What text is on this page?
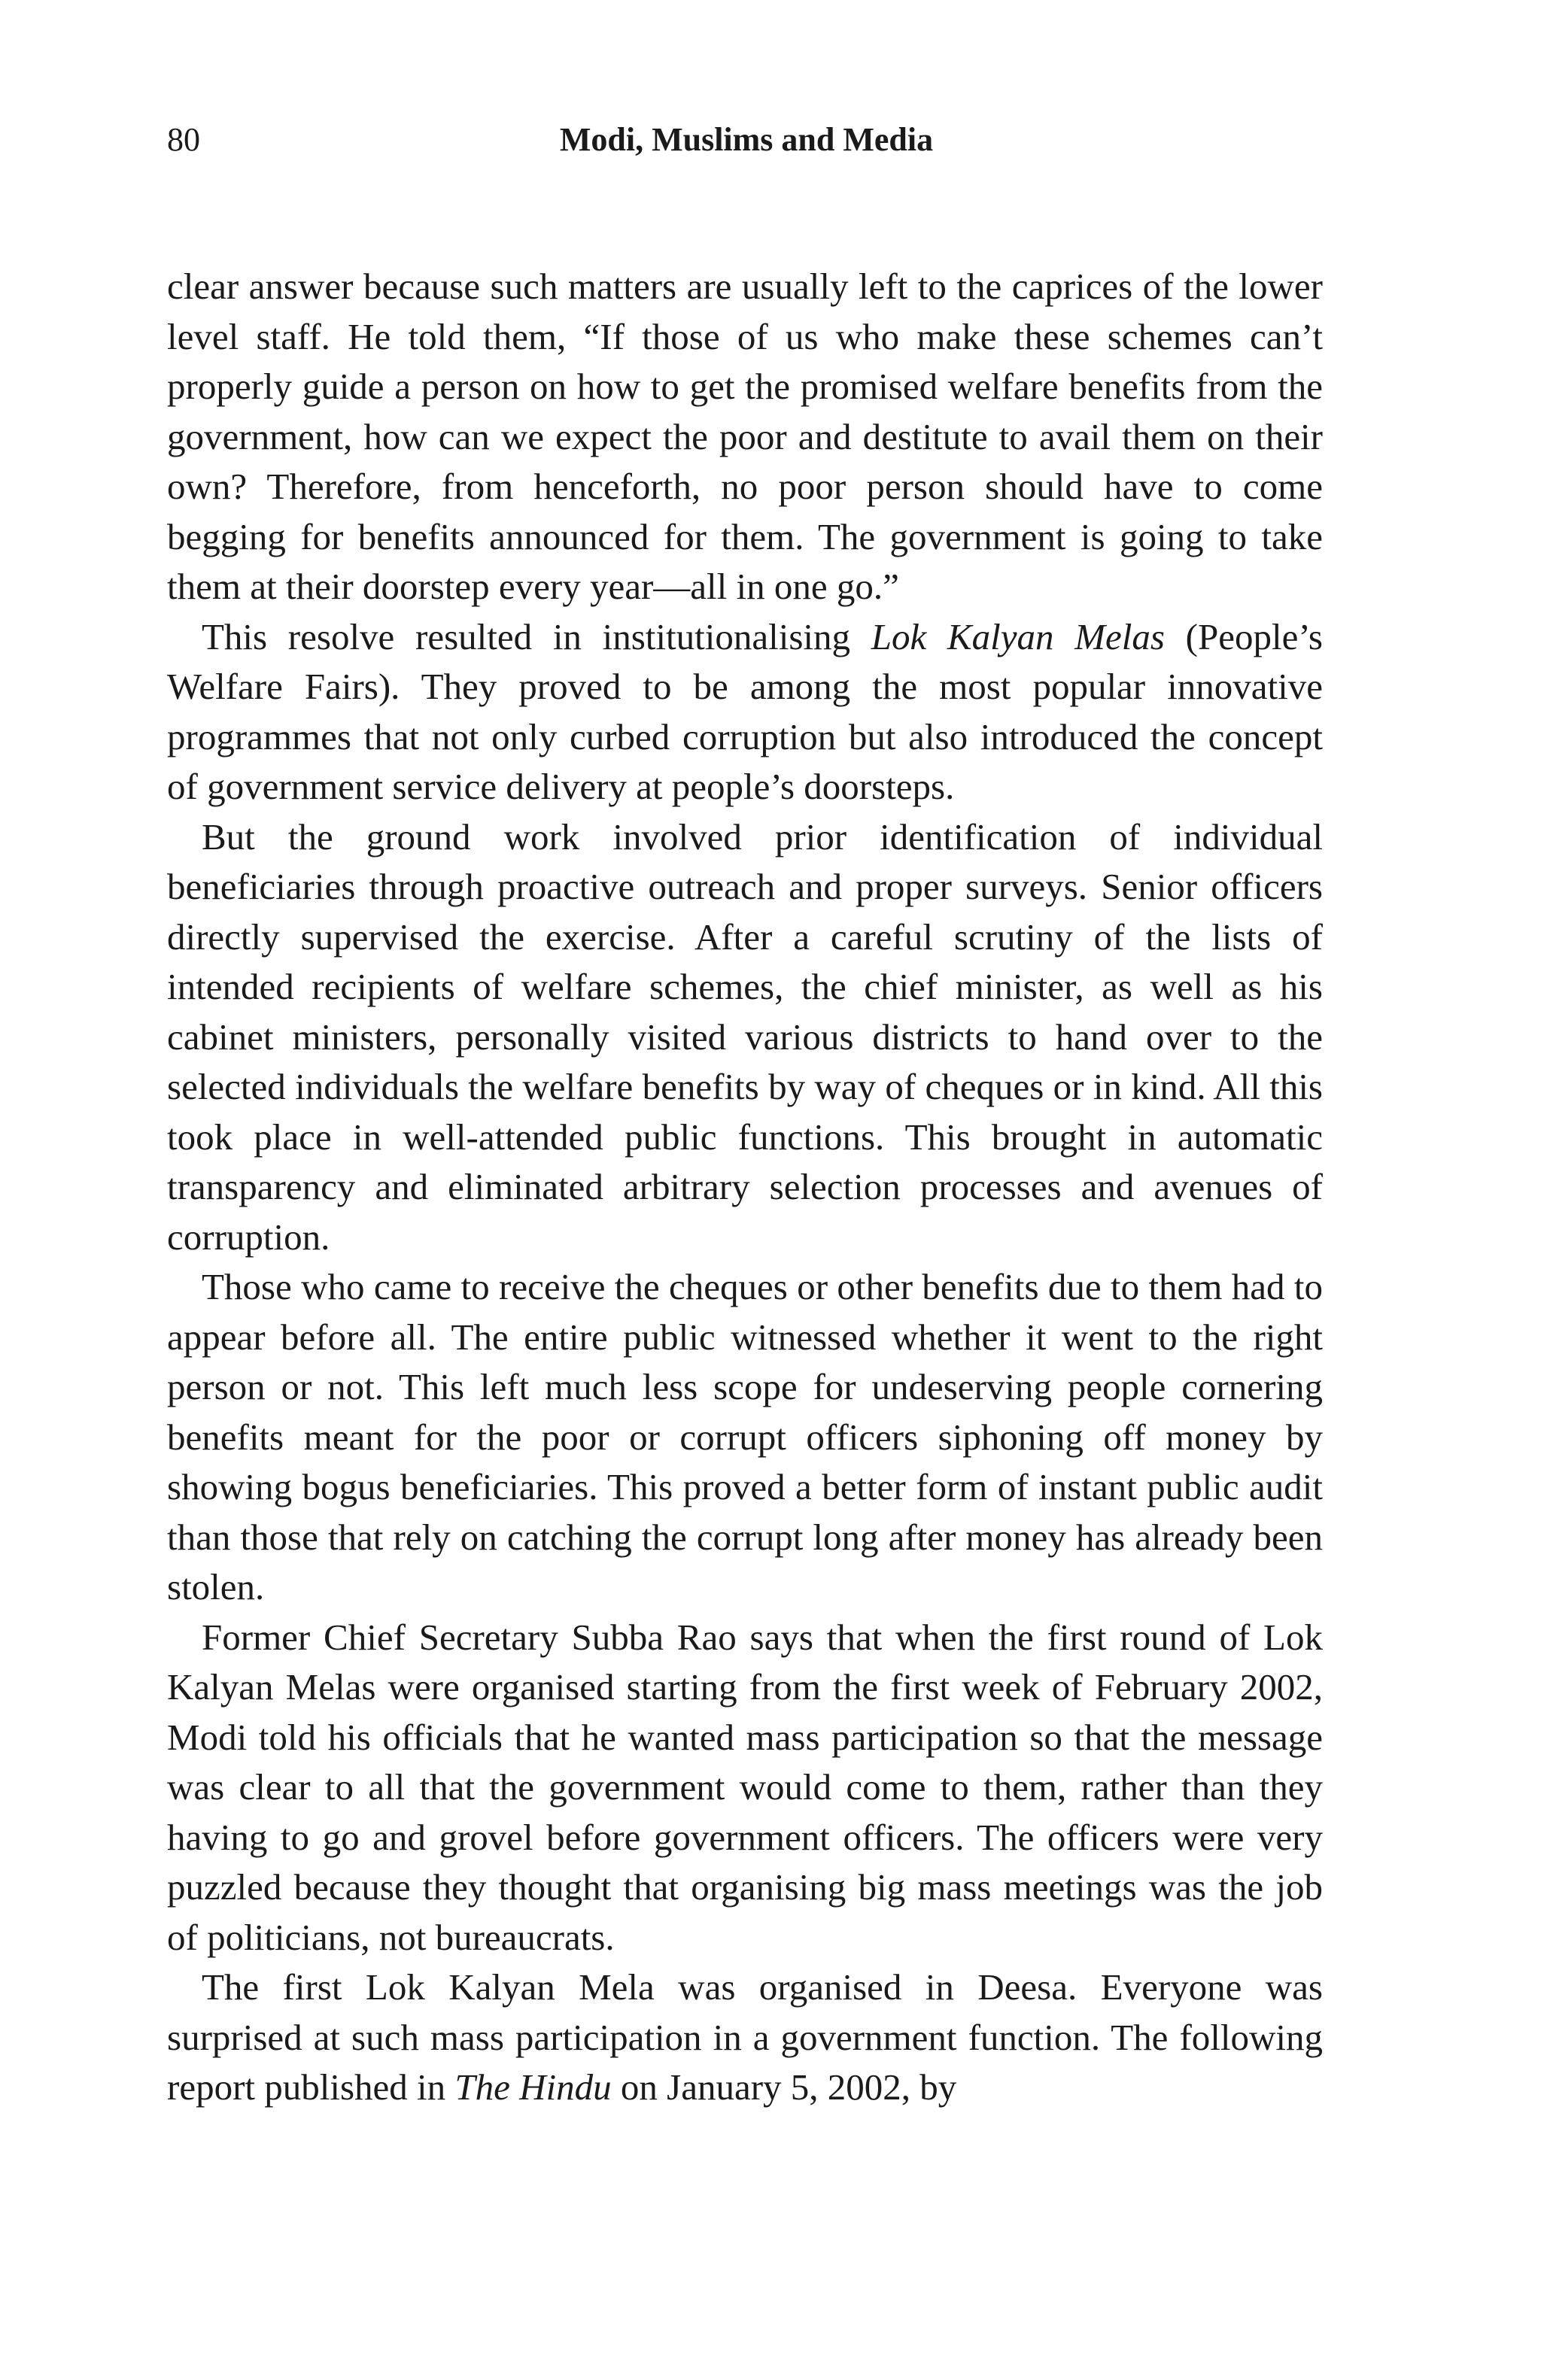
80	Modi, Muslims and Media

clear answer because such matters are usually left to the caprices of the lower level staff. He told them, “If those of us who make these schemes can’t properly guide a person on how to get the promised welfare benefits from the government, how can we expect the poor and destitute to avail them on their own? Therefore, from henceforth, no poor person should have to come begging for benefits announced for them. The government is going to take them at their doorstep every year—all in one go.”

This resolve resulted in institutionalising Lok Kalyan Melas (People’s Welfare Fairs). They proved to be among the most popular innovative programmes that not only curbed corruption but also introduced the concept of government service delivery at people’s doorsteps.

But the ground work involved prior identification of individual beneficiaries through proactive outreach and proper surveys. Senior officers directly supervised the exercise. After a careful scrutiny of the lists of intended recipients of welfare schemes, the chief minister, as well as his cabinet ministers, personally visited various districts to hand over to the selected individuals the welfare benefits by way of cheques or in kind. All this took place in well-attended public functions. This brought in automatic transparency and eliminated arbitrary selection processes and avenues of corruption.

Those who came to receive the cheques or other benefits due to them had to appear before all. The entire public witnessed whether it went to the right person or not. This left much less scope for undeserving people cornering benefits meant for the poor or corrupt officers siphoning off money by showing bogus beneficiaries. This proved a better form of instant public audit than those that rely on catching the corrupt long after money has already been stolen.

Former Chief Secretary Subba Rao says that when the first round of Lok Kalyan Melas were organised starting from the first week of February 2002, Modi told his officials that he wanted mass participation so that the message was clear to all that the government would come to them, rather than they having to go and grovel before government officers. The officers were very puzzled because they thought that organising big mass meetings was the job of politicians, not bureaucrats.

The first Lok Kalyan Mela was organised in Deesa. Everyone was surprised at such mass participation in a government function. The following report published in The Hindu on January 5, 2002, by
